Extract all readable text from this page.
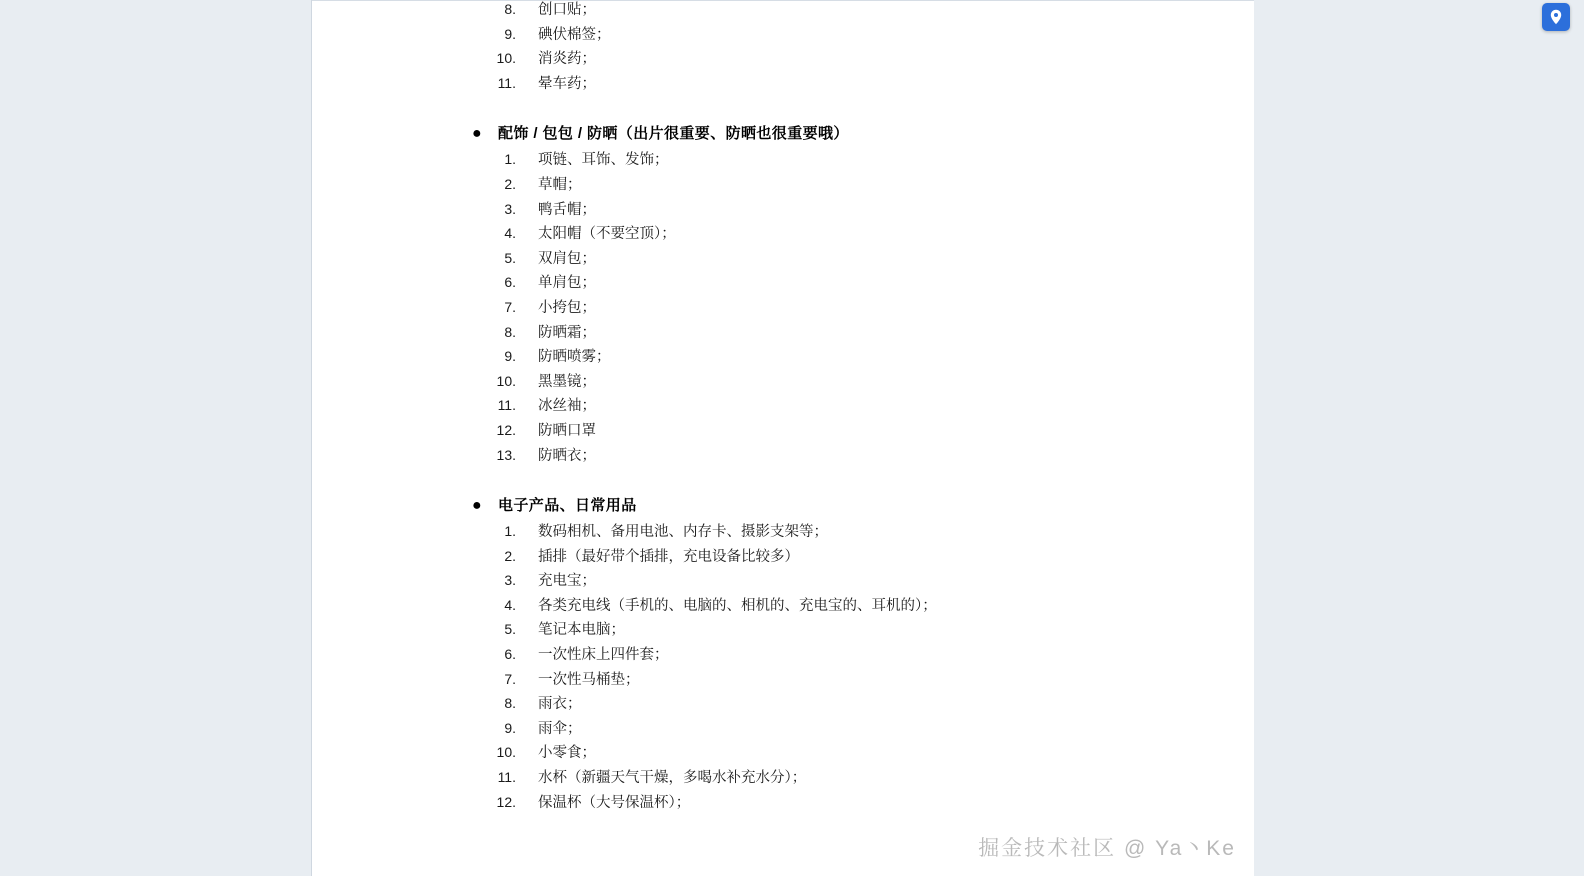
8.	创口贴；
9.	碘伏棉签；
10.	消炎药；
11.	晕车药；
●	配饰 / 包包 / 防晒（出片很重要、防晒也很重要哦）
1.	项链、耳饰、发饰；
2.	草帽；
3.	鸭舌帽；
4.	太阳帽（不要空顶）；
5.	双肩包；
6.	单肩包；
7.	小挎包；
8.	防晒霜；
9.	防晒喷雾；
10.	黑墨镜；
11.	冰丝袖；
12.	防晒口罩
13.	防晒衣；
●	电子产品、日常用品
1.	数码相机、备用电池、内存卡、摄影支架等；
2.	插排（最好带个插排，充电设备比较多）
3.	充电宝；
4.	各类充电线（手机的、电脑的、相机的、充电宝的、耳机的）；
5.	笔记本电脑；
6.	一次性床上四件套；
7.	一次性马桶垫；
8.	雨衣；
9.	雨伞；
10.	小零食；
11.	水杯（新疆天气干燥，多喝水补充水分）；
12.	保温杯（大号保温杯）；
掘金技术社区 @ Ya丶Ke
